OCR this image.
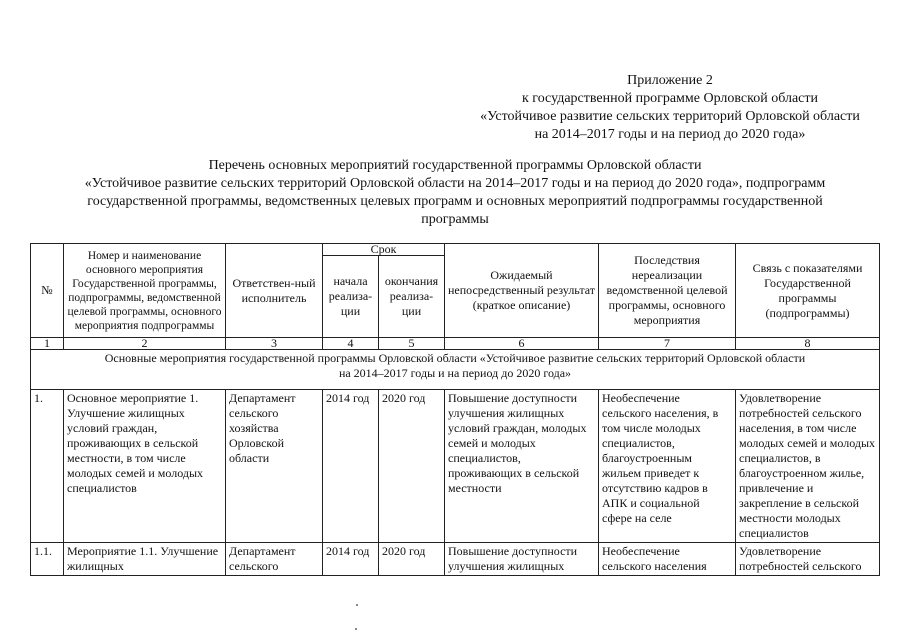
Приложение 2
к государственной программе Орловской области
«Устойчивое развитие сельских территорий Орловской области
на 2014–2017 годы и на период до 2020 года»
Перечень основных мероприятий государственной программы Орловской области
«Устойчивое развитие сельских территорий Орловской области на 2014–2017 годы и на период до 2020 года», подпрограмм
государственной программы, ведомственных целевых программ и основных мероприятий подпрограммы государственной
программы
№	Номер и наименование основного мероприятия Государственной программы, подпрограммы, ведомственной целевой программы, основного мероприятия подпрограммы	Ответствен-ный исполнитель	Срок		Ожидаемый непосредственный результат (краткое описание)	Последствия нереализации ведомственной целевой программы, основного мероприятия	Связь с показателями Государственной программы (подпрограммы)
			начала реализа-ции	окончания реализа-ции			
1	2	3	4	5	6	7	8

Основные мероприятия государственной программы Орловской области «Устойчивое развитие сельских территорий Орловской области
на 2014–2017 годы и на период до 2020 года»							

1.	Основное мероприятие 1. Улучшение жилищных условий граждан, проживающих в сельской местности, в том числе молодых семей и молодых специалистов	Департамент сельского хозяйства Орловской области	2014 год	2020 год	Повышение доступности улучшения жилищных условий граждан, молодых семей и молодых специалистов, проживающих в сельской местности	Необеспечение сельского населения, в том числе молодых специалистов, благоустроенным жильем приведет к отсутствию кадров в АПК и социальной сфере на селе	Удовлетворение потребностей сельского населения, в том числе молодых семей и молодых специалистов, в благоустроенном жилье, привлечение и закрепление в сельской местности молодых специалистов
1.1.	Мероприятие 1.1. Улучшение жилищных	Департамент сельского	2014 год	2020 год	Повышение доступности улучшения жилищных	Необеспечение сельского населения	Удовлетворение потребностей сельского
